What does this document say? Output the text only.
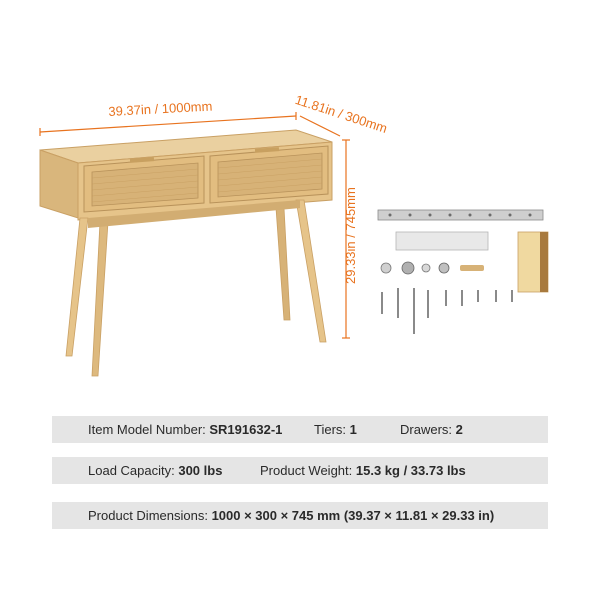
39.37in / 1000mm	11.81in / 300mm
29.33in / 745mm
Item Model Number: SR191632-1 Tiers: 1	Drawers: 2
Load Capacity: 300 lbs	Product Weight: 15.3 kg / 33.73 lbs
Product Dimensions: 1000 × 300 × 745 mm (39.37 × 11.81 × 29.33 in)
